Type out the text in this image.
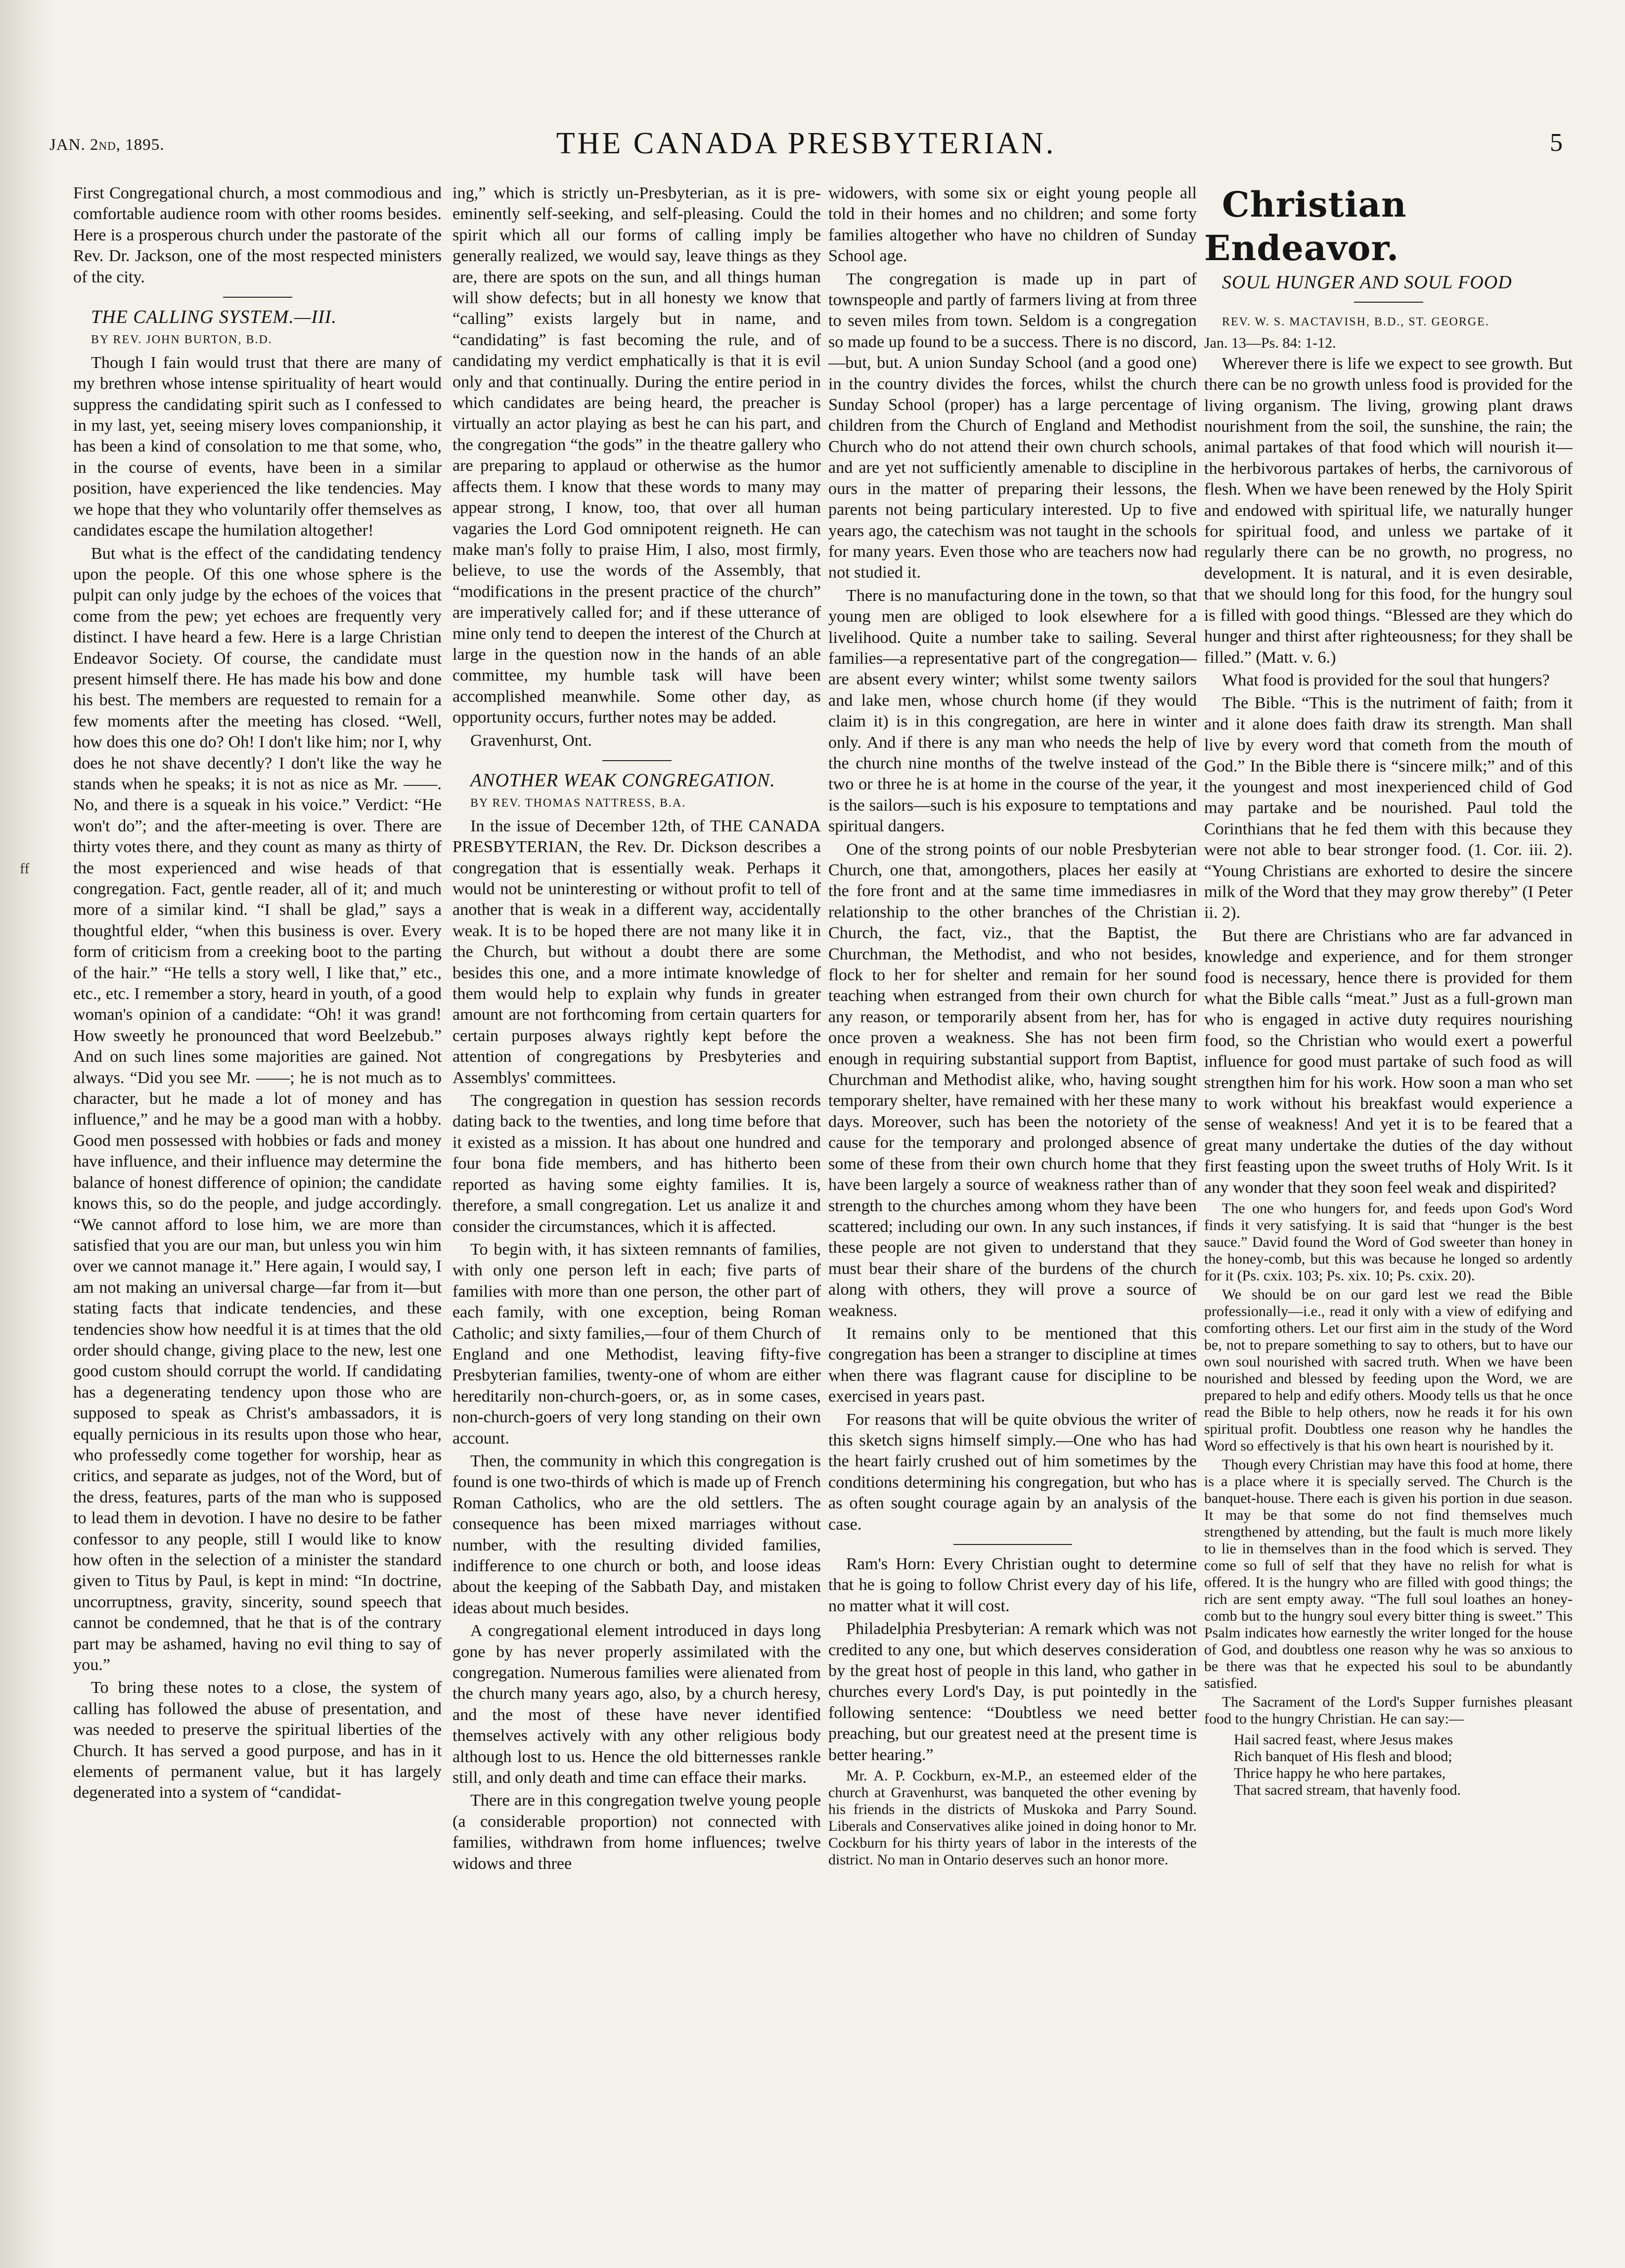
ff
JAN. 2nd, 1895.	THE CANADA PRESBYTERIAN.	5

First Congregational church, a most commodious and comfortable audience room with other rooms besides. Here is a prosperous church under the pastorate of the Rev. Dr. Jackson, one of the most respected ministers of the city.

THE CALLING SYSTEM.—III.

BY REV. JOHN BURTON, B.D.

Though I fain would trust that there are many of my brethren whose intense spirituality of heart would suppress the candidating spirit such as I confessed to in my last, yet, seeing misery loves companionship, it has been a kind of consolation to me that some, who, in the course of events, have been in a similar position, have experienced the like tendencies. May we hope that they who voluntarily offer themselves as candidates escape the humilation altogether!

But what is the effect of the candidating tendency upon the people. Of this one whose sphere is the pulpit can only judge by the echoes of the voices that come from the pew; yet echoes are frequently very distinct. I have heard a few. Here is a large Christian Endeavor Society. Of course, the candidate must present himself there. He has made his bow and done his best. The members are requested to remain for a few moments after the meeting has closed. “Well, how does this one do? Oh! I don't like him; nor I, why does he not shave decently? I don't like the way he stands when he speaks; it is not as nice as Mr. ——. No, and there is a squeak in his voice.” Verdict: “He won't do”; and the after-meeting is over. There are thirty votes there, and they count as many as thirty of the most experienced and wise heads of that congregation. Fact, gentle reader, all of it; and much more of a similar kind. “I shall be glad,” says a thoughtful elder, “when this business is over. Every form of criticism from a creeking boot to the parting of the hair.” “He tells a story well, I like that,” etc., etc., etc. I remember a story, heard in youth, of a good woman's opinion of a candidate: “Oh! it was grand! How sweetly he pronounced that word Beelzebub.” And on such lines some majorities are gained. Not always. “Did you see Mr. ——; he is not much as to character, but he made a lot of money and has influence,” and he may be a good man with a hobby. Good men possessed with hobbies or fads and money have influence, and their influence may determine the balance of honest difference of opinion; the candidate knows this, so do the people, and judge accordingly. “We cannot afford to lose him, we are more than satisfied that you are our man, but unless you win him over we cannot manage it.” Here again, I would say, I am not making an universal charge—far from it—but stating facts that indicate tendencies, and these tendencies show how needful it is at times that the old order should change, giving place to the new, lest one good custom should corrupt the world. If candidating has a degenerating tendency upon those who are supposed to speak as Christ's ambassadors, it is equally pernicious in its results upon those who hear, who professedly come together for worship, hear as critics, and separate as judges, not of the Word, but of the dress, features, parts of the man who is supposed to lead them in devotion. I have no desire to be father confessor to any people, still I would like to know how often in the selection of a minister the standard given to Titus by Paul, is kept in mind: “In doctrine, uncorruptness, gravity, sincerity, sound speech that cannot be condemned, that he that is of the contrary part may be ashamed, having no evil thing to say of you.”

To bring these notes to a close, the system of calling has followed the abuse of presentation, and was needed to preserve the spiritual liberties of the Church. It has served a good purpose, and has in it elements of permanent value, but it has largely degenerated into a system of “candidat-

ing,” which is strictly un-Presbyterian, as it is pre-eminently self-seeking, and self-pleasing. Could the spirit which all our forms of calling imply be generally realized, we would say, leave things as they are, there are spots on the sun, and all things human will show defects; but in all honesty we know that “calling” exists largely but in name, and “candidating” is fast becoming the rule, and of candidating my verdict emphatically is that it is evil only and that continually. During the entire period in which candidates are being heard, the preacher is virtually an actor playing as best he can his part, and the congregation “the gods” in the theatre gallery who are preparing to applaud or otherwise as the humor affects them. I know that these words to many may appear strong, I know, too, that over all human vagaries the Lord God omnipotent reigneth. He can make man's folly to praise Him, I also, most firmly, believe, to use the words of the Assembly, that “modifications in the present practice of the church” are imperatively called for; and if these utterance of mine only tend to deepen the interest of the Church at large in the question now in the hands of an able committee, my humble task will have been accomplished meanwhile. Some other day, as opportunity occurs, further notes may be added.

Gravenhurst, Ont.

ANOTHER WEAK CONGREGATION.

BY REV. THOMAS NATTRESS, B.A.

In the issue of December 12th, of THE CANADA PRESBYTERIAN, the Rev. Dr. Dickson describes a congregation that is essentially weak. Perhaps it would not be uninteresting or without profit to tell of another that is weak in a different way, accidentally weak. It is to be hoped there are not many like it in the Church, but without a doubt there are some besides this one, and a more intimate knowledge of them would help to explain why funds in greater amount are not forthcoming from certain quarters for certain purposes always rightly kept before the attention of congregations by Presbyteries and Assemblys' committees.

The congregation in question has session records dating back to the twenties, and long time before that it existed as a mission. It has about one hundred and four bona fide members, and has hitherto been reported as having some eighty families. It is, therefore, a small congregation. Let us analize it and consider the circumstances, which it is affected.

To begin with, it has sixteen remnants of families, with only one person left in each; five parts of families with more than one person, the other part of each family, with one exception, being Roman Catholic; and sixty families,—four of them Church of England and one Methodist, leaving fifty-five Presbyterian families, twenty-one of whom are either hereditarily non-church-goers, or, as in some cases, non-church-goers of very long standing on their own account.

Then, the community in which this congregation is found is one two-thirds of which is made up of French Roman Catholics, who are the old settlers. The consequence has been mixed marriages without number, with the resulting divided families, indifference to one church or both, and loose ideas about the keeping of the Sabbath Day, and mistaken ideas about much besides.

A congregational element introduced in days long gone by has never properly assimilated with the congregation. Numerous families were alienated from the church many years ago, also, by a church heresy, and the most of these have never identified themselves actively with any other religious body although lost to us. Hence the old bitternesses rankle still, and only death and time can efface their marks.

There are in this congregation twelve young people (a considerable proportion) not connected with families, withdrawn from home influences; twelve widows and three

widowers, with some six or eight young people all told in their homes and no children; and some forty families altogether who have no children of Sunday School age.

The congregation is made up in part of townspeople and partly of farmers living at from three to seven miles from town. Seldom is a congregation so made up found to be a success. There is no discord,—but, but. A union Sunday School (and a good one) in the country divides the forces, whilst the church Sunday School (proper) has a large percentage of children from the Church of England and Methodist Church who do not attend their own church schools, and are yet not sufficiently amenable to discipline in ours in the matter of preparing their lessons, the parents not being particulary interested. Up to five years ago, the catechism was not taught in the schools for many years. Even those who are teachers now had not studied it.

There is no manufacturing done in the town, so that young men are obliged to look elsewhere for a livelihood. Quite a number take to sailing. Several families—a representative part of the congregation—are absent every winter; whilst some twenty sailors and lake men, whose church home (if they would claim it) is in this congregation, are here in winter only. And if there is any man who needs the help of the church nine months of the twelve instead of the two or three he is at home in the course of the year, it is the sailors—such is his exposure to temptations and spiritual dangers.

One of the strong points of our noble Presbyterian Church, one that, amongothers, places her easily at the fore front and at the same time immediasres in relationship to the other branches of the Christian Church, the fact, viz., that the Baptist, the Churchman, the Methodist, and who not besides, flock to her for shelter and remain for her sound teaching when estranged from their own church for any reason, or temporarily absent from her, has for once proven a weakness. She has not been firm enough in requiring substantial support from Baptist, Churchman and Methodist alike, who, having sought temporary shelter, have remained with her these many days. Moreover, such has been the notoriety of the cause for the temporary and prolonged absence of some of these from their own church home that they have been largely a source of weakness rather than of strength to the churches among whom they have been scattered; including our own. In any such instances, if these people are not given to understand that they must bear their share of the burdens of the church along with others, they will prove a source of weakness.

It remains only to be mentioned that this congregation has been a stranger to discipline at times when there was flagrant cause for discipline to be exercised in years past.

For reasons that will be quite obvious the writer of this sketch signs himself simply.—One who has had the heart fairly crushed out of him sometimes by the conditions determining his congregation, but who has as often sought courage again by an analysis of the case.

Ram's Horn: Every Christian ought to determine that he is going to follow Christ every day of his life, no matter what it will cost.

Philadelphia Presbyterian: A remark which was not credited to any one, but which deserves consideration by the great host of people in this land, who gather in churches every Lord's Day, is put pointedly in the following sentence: “Doubtless we need better preaching, but our greatest need at the present time is better hearing.”

Mr. A. P. Cockburn, ex-M.P., an esteemed elder of the church at Gravenhurst, was banqueted the other evening by his friends in the districts of Muskoka and Parry Sound. Liberals and Conservatives alike joined in doing honor to Mr. Cockburn for his thirty years of labor in the interests of the district. No man in Ontario deserves such an honor more.

Christian Endeavor.

SOUL HUNGER AND SOUL FOOD

REV. W. S. MACTAVISH, B.D., ST. GEORGE.

Jan. 13—Ps. 84: 1-12.

Wherever there is life we expect to see growth. But there can be no growth unless food is provided for the living organism. The living, growing plant draws nourishment from the soil, the sunshine, the rain; the animal partakes of that food which will nourish it—the herbivorous partakes of herbs, the carnivorous of flesh. When we have been renewed by the Holy Spirit and endowed with spiritual life, we naturally hunger for spiritual food, and unless we partake of it regularly there can be no growth, no progress, no development. It is natural, and it is even desirable, that we should long for this food, for the hungry soul is filled with good things. “Blessed are they which do hunger and thirst after righteousness; for they shall be filled.” (Matt. v. 6.)

What food is provided for the soul that hungers?

The Bible. “This is the nutriment of faith; from it and it alone does faith draw its strength. Man shall live by every word that cometh from the mouth of God.” In the Bible there is “sincere milk;” and of this the youngest and most inexperienced child of God may partake and be nourished. Paul told the Corinthians that he fed them with this because they were not able to bear stronger food. (1. Cor. iii. 2). “Young Christians are exhorted to desire the sincere milk of the Word that they may grow thereby” (I Peter ii. 2).

But there are Christians who are far advanced in knowledge and experience, and for them stronger food is necessary, hence there is provided for them what the Bible calls “meat.” Just as a full-grown man who is engaged in active duty requires nourishing food, so the Christian who would exert a powerful influence for good must partake of such food as will strengthen him for his work. How soon a man who set to work without his breakfast would experience a sense of weakness! And yet it is to be feared that a great many undertake the duties of the day without first feasting upon the sweet truths of Holy Writ. Is it any wonder that they soon feel weak and dispirited?

The one who hungers for, and feeds upon God's Word finds it very satisfying. It is said that “hunger is the best sauce.” David found the Word of God sweeter than honey in the honey-comb, but this was because he longed so ardently for it (Ps. cxix. 103; Ps. xix. 10; Ps. cxix. 20).

We should be on our gard lest we read the Bible professionally—i.e., read it only with a view of edifying and comforting others. Let our first aim in the study of the Word be, not to prepare something to say to others, but to have our own soul nourished with sacred truth. When we have been nourished and blessed by feeding upon the Word, we are prepared to help and edify others. Moody tells us that he once read the Bible to help others, now he reads it for his own spiritual profit. Doubtless one reason why he handles the Word so effectively is that his own heart is nourished by it.

Though every Christian may have this food at home, there is a place where it is specially served. The Church is the banquet-house. There each is given his portion in due season. It may be that some do not find themselves much strengthened by attending, but the fault is much more likely to lie in themselves than in the food which is served. They come so full of self that they have no relish for what is offered. It is the hungry who are filled with good things; the rich are sent empty away. “The full soul loathes an honey-comb but to the hungry soul every bitter thing is sweet.” This Psalm indicates how earnestly the writer longed for the house of God, and doubtless one reason why he was so anxious to be there was that he expected his soul to be abundantly satisfied.

The Sacrament of the Lord's Supper furnishes pleasant food to the hungry Christian. He can say:—

Hail sacred feast, where Jesus makes
Rich banquet of His flesh and blood;
Thrice happy he who here partakes,
That sacred stream, that havenly food.
